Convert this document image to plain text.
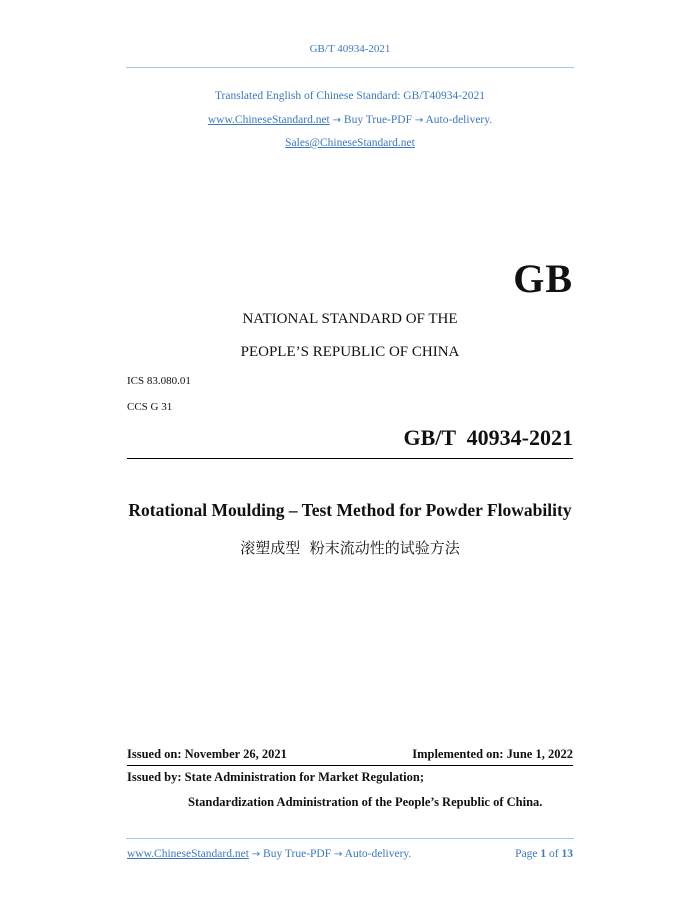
GB/T 40934-2021
Translated English of Chinese Standard: GB/T40934-2021
www.ChineseStandard.net → Buy True-PDF → Auto-delivery.
Sales@ChineseStandard.net
GB
NATIONAL STANDARD OF THE
PEOPLE’S REPUBLIC OF CHINA
ICS 83.080.01
CCS G 31
GB/T  40934-2021
Rotational Moulding – Test Method for Powder Flowability
滚塑成型  粉末流动性的试验方法
Issued on: November 26, 2021	Implemented on: June 1, 2022
Issued by: State Administration for Market Regulation;
Standardization Administration of the People’s Republic of China.
www.ChineseStandard.net → Buy True-PDF → Auto-delivery.	Page 1 of 13
